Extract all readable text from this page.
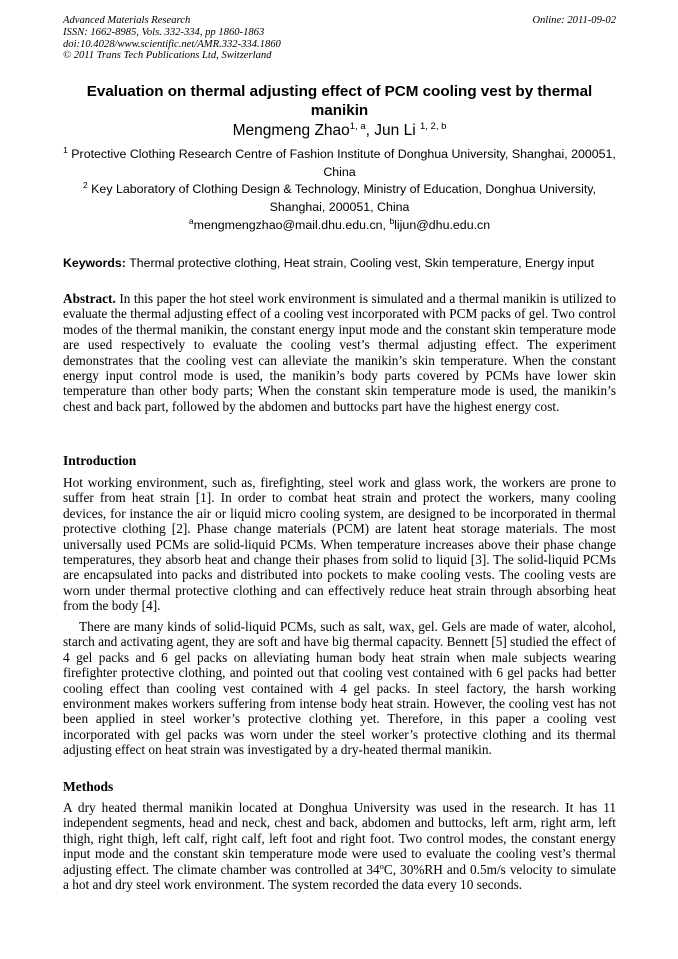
Advanced Materials Research
ISSN: 1662-8985, Vols. 332-334, pp 1860-1863
doi:10.4028/www.scientific.net/AMR.332-334.1860
© 2011 Trans Tech Publications Ltd, Switzerland
Online: 2011-09-02
Evaluation on thermal adjusting effect of PCM cooling vest by thermal manikin
Mengmeng Zhao$^{1, a}$, Jun Li $^{1, 2, b}$
$^1$ Protective Clothing Research Centre of Fashion Institute of Donghua University, Shanghai, 200051, China
$^2$ Key Laboratory of Clothing Design & Technology, Ministry of Education, Donghua University, Shanghai, 200051, China
$^a$mengmengzhao@mail.dhu.edu.cn, $^b$lijun@dhu.edu.cn
Keywords: Thermal protective clothing, Heat strain, Cooling vest, Skin temperature, Energy input

Abstract. In this paper the hot steel work environment is simulated and a thermal manikin is utilized to evaluate the thermal adjusting effect of a cooling vest incorporated with PCM packs of gel. Two control modes of the thermal manikin, the constant energy input mode and the constant skin temperature mode are used respectively to evaluate the cooling vest’s thermal adjusting effect. The experiment demonstrates that the cooling vest can alleviate the manikin’s skin temperature. When the constant energy input control mode is used, the manikin’s body parts covered by PCMs have lower skin temperature than other body parts; When the constant skin temperature mode is used, the manikin’s chest and back part, followed by the abdomen and buttocks part have the highest energy cost.

Introduction

Hot working environment, such as, firefighting, steel work and glass work, the workers are prone to suffer from heat strain [1]. In order to combat heat strain and protect the workers, many cooling devices, for instance the air or liquid micro cooling system, are designed to be incorporated in thermal protective clothing [2]. Phase change materials (PCM) are latent heat storage materials. The most universally used PCMs are solid-liquid PCMs. When temperature increases above their phase change temperatures, they absorb heat and change their phases from solid to liquid [3]. The solid-liquid PCMs are encapsulated into packs and distributed into pockets to make cooling vests. The cooling vests are worn under thermal protective clothing and can effectively reduce heat strain through absorbing heat from the body [4].

There are many kinds of solid-liquid PCMs, such as salt, wax, gel. Gels are made of water, alcohol, starch and activating agent, they are soft and have big thermal capacity. Bennett [5] studied the effect of 4 gel packs and 6 gel packs on alleviating human body heat strain when male subjects wearing firefighter protective clothing, and pointed out that cooling vest contained with 6 gel packs had better cooling effect than cooling vest contained with 4 gel packs. In steel factory, the harsh working environment makes workers suffering from intense body heat strain. However, the cooling vest has not been applied in steel worker’s protective clothing yet. Therefore, in this paper a cooling vest incorporated with gel packs was worn under the steel worker’s protective clothing and its thermal adjusting effect on heat strain was investigated by a dry-heated thermal manikin.

Methods

A dry heated thermal manikin located at Donghua University was used in the research. It has 11 independent segments, head and neck, chest and back, abdomen and buttocks, left arm, right arm, left thigh, right thigh, left calf, right calf, left foot and right foot. Two control modes, the constant energy input mode and the constant skin temperature mode were used to evaluate the cooling vest’s thermal adjusting effect. The climate chamber was controlled at 34$^o$C, 30%RH and 0.5m/s velocity to simulate a hot and dry steel work environment. The system recorded the data every 10 seconds.
